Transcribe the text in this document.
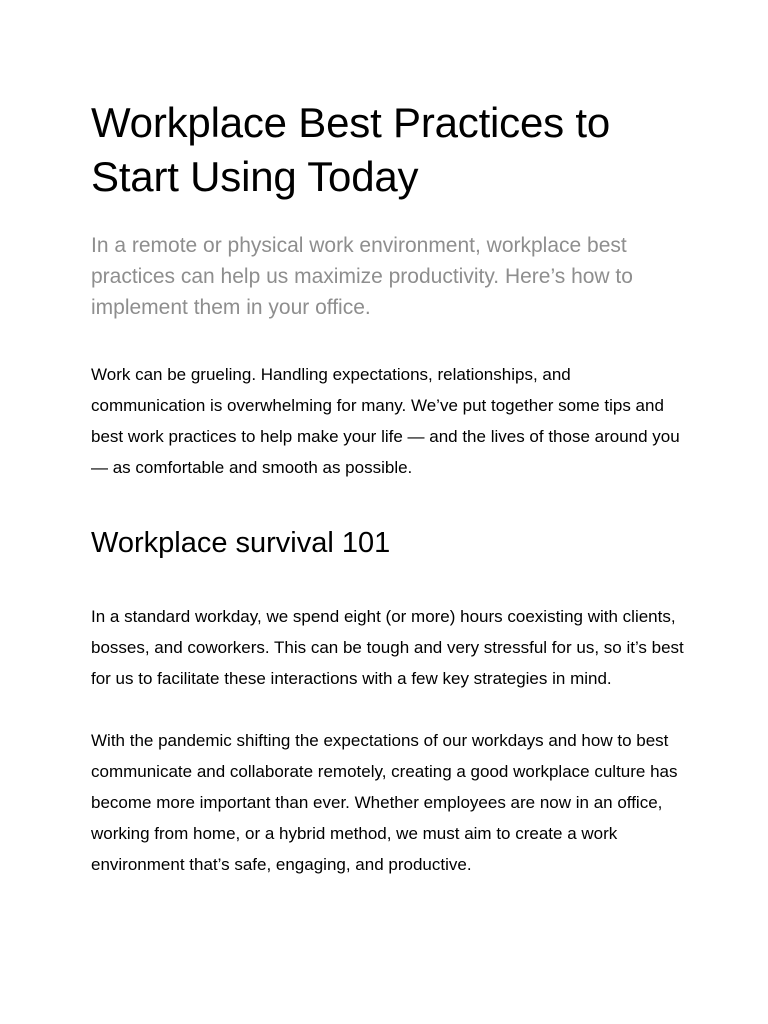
Workplace Best Practices to Start Using Today

In a remote or physical work environment, workplace best practices can help us maximize productivity. Here’s how to implement them in your office.

Work can be grueling. Handling expectations, relationships, and communication is overwhelming for many. We’ve put together some tips and best work practices to help make your life — and the lives of those around you — as comfortable and smooth as possible.

Workplace survival 101

In a standard workday, we spend eight (or more) hours coexisting with clients, bosses, and coworkers. This can be tough and very stressful for us, so it’s best for us to facilitate these interactions with a few key strategies in mind.

With the pandemic shifting the expectations of our workdays and how to best communicate and collaborate remotely, creating a good workplace culture has become more important than ever. Whether employees are now in an office, working from home, or a hybrid method, we must aim to create a work environment that’s safe, engaging, and productive.
